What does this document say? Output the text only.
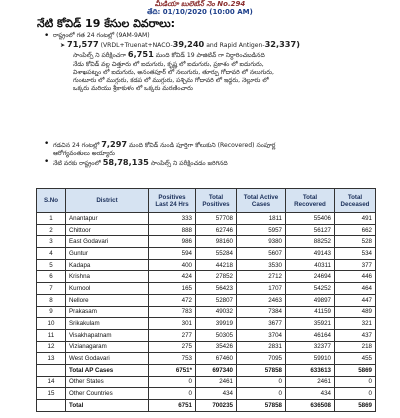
మీడియా బులెటిన్ నెం No.294
తేది: 01/10/2020 (10:00 AM)
నేటి కోవిడ్ 19 కేసుల వివరాలు:
• రాష్ట్రంలో గత 24 గంటల్లో (9AM-9AM)
➤ 71,577 (VRDL+Truenat+NACO-39,240 and Rapid Antigen-32,337)
సాంపిల్స్ ని పరీక్షించగా 6,751 మంది కోవిడ్ 19 పాజిటివ్ గా నిర్ధారించబడినది
నేడు కోవిడ్ వల్ల చిత్తూరు లో ఐదుగురు, కృష్ణ లో ఐదుగురు, ప్రకాశం లో ఐదుగురు,
విశాఖపట్నం లో ఐదుగురు, అనంతపూర్ లో నలుగురు, తూర్పు గోదావరి లో నలుగురు,
గుంటూరు లో ముగ్గురు, కడప లో ముగ్గురు, పశ్చిమ గోదావరి లో ఇద్దరు, నెల్లూరు లో
ఒక్కరు మరియు శ్రీకాకుళం లో ఒక్కరు మరణించారు
• గడచిన 24 గంటల్లో 7,297 మంది కోవిడ్ నుండి పూర్తిగా కోలుకుని (Recovered) సంపూర్ణ
ఆరోగ్యవంతులు అయ్యారు
• నేటి వరకు రాష్ట్రంలో 58,78,135 సాంపిల్స్ ని పరీక్షించడం జరిగినది
S.No	District	Positives Last 24 Hrs	Total Positives	Total Active Cases	Total Recovered	Total Deceased
1	Anantapur	333	57708	1811	55406	491
2	Chittoor	888	62746	5957	56127	662
3	East Godavari	986	98160	9380	88252	528
4	Guntur	594	55284	5607	49143	534
5	Kadapa	400	44218	3530	40311	377
6	Krishna	424	27852	2712	24694	446
7	Kurnool	165	56423	1707	54252	464
8	Nellore	472	52807	2463	49897	447
9	Prakasam	783	49032	7384	41159	489
10	Srikakulam	301	39919	3677	35921	321
11	Visakhapatnam	277	50305	3704	46164	437
12	Vizianagaram	275	35426	2831	32377	218
13	West Godavari	753	67460	7095	59910	455
	Total AP Cases	6751*	697340	57858	633613	5869
14	Other States	0	2461	0	2461	0
15	Other Countries	0	434	0	434	0
	Total	6751	700235	57858	636508	5869
